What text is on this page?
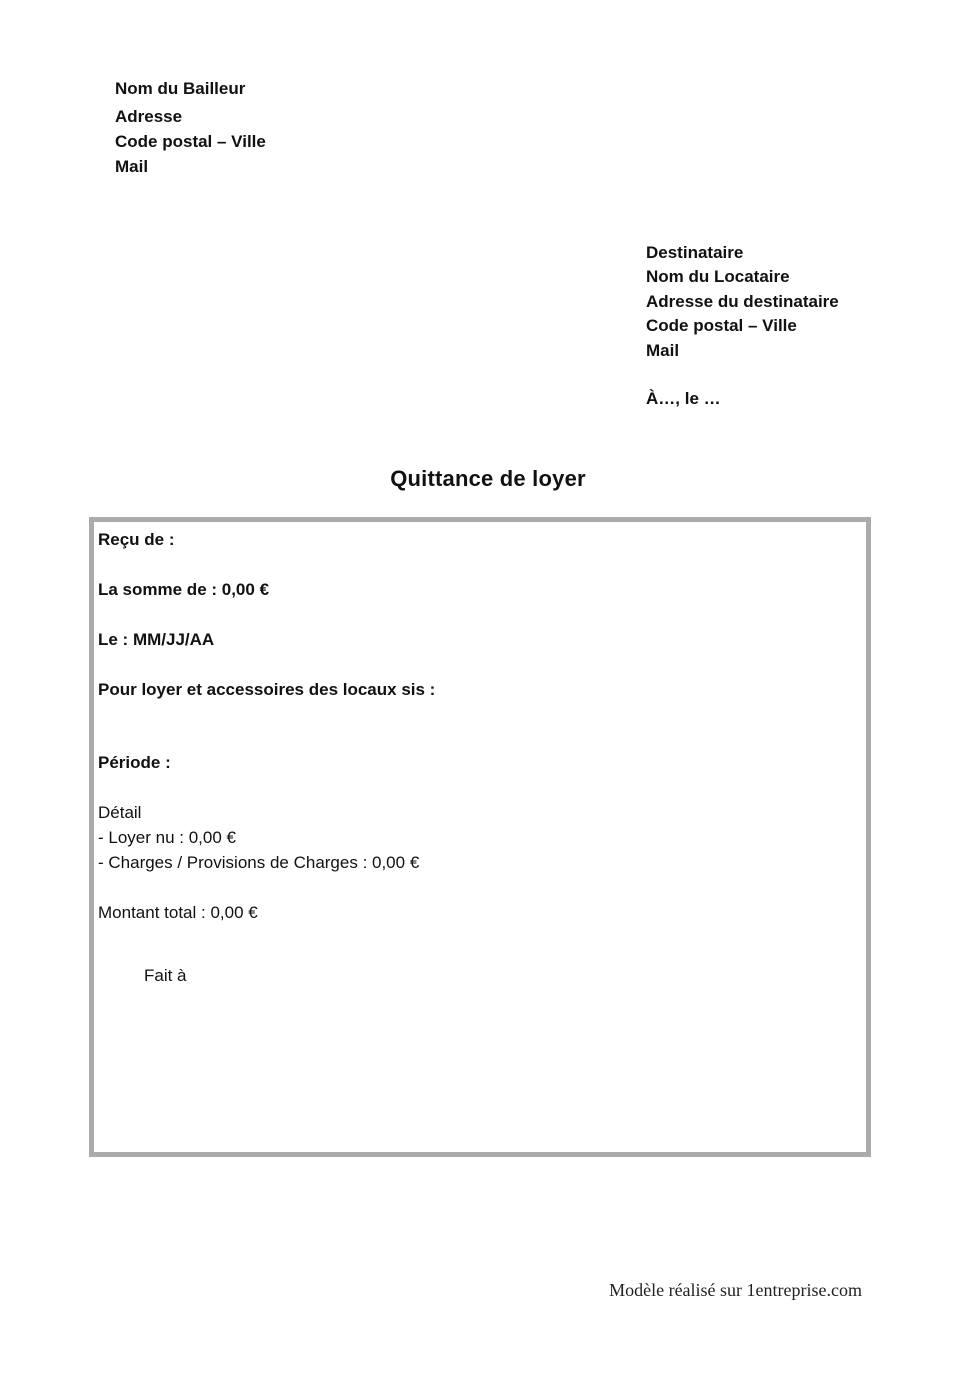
Nom du Bailleur
Adresse
Code postal – Ville
Mail
Destinataire
Nom du Locataire
Adresse du destinataire
Code postal – Ville
Mail
À…, le …
Quittance de loyer
Reçu de :
La somme de : 0,00 €
Le : MM/JJ/AA
Pour loyer et accessoires des locaux sis :
Période :
Détail
- Loyer nu : 0,00 €
- Charges / Provisions de Charges : 0,00 €
Montant total : 0,00 €
Fait à
Modèle réalisé sur 1entreprise.com
